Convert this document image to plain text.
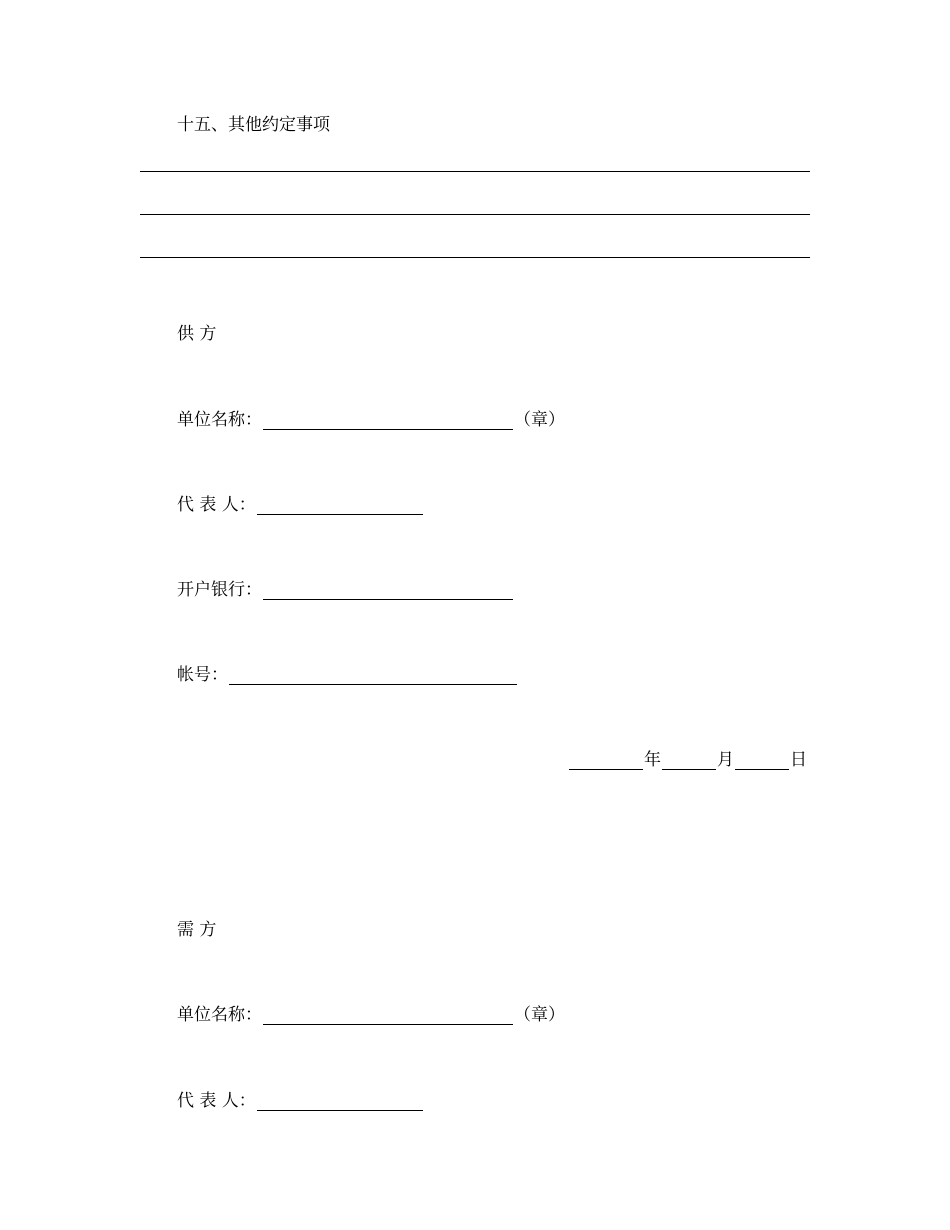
十五、其他约定事项
供 方
单位名称：	（章）
代 表 人：
开户银行：
帐号：
年	月	日
需 方
单位名称：	（章）
代 表 人：
